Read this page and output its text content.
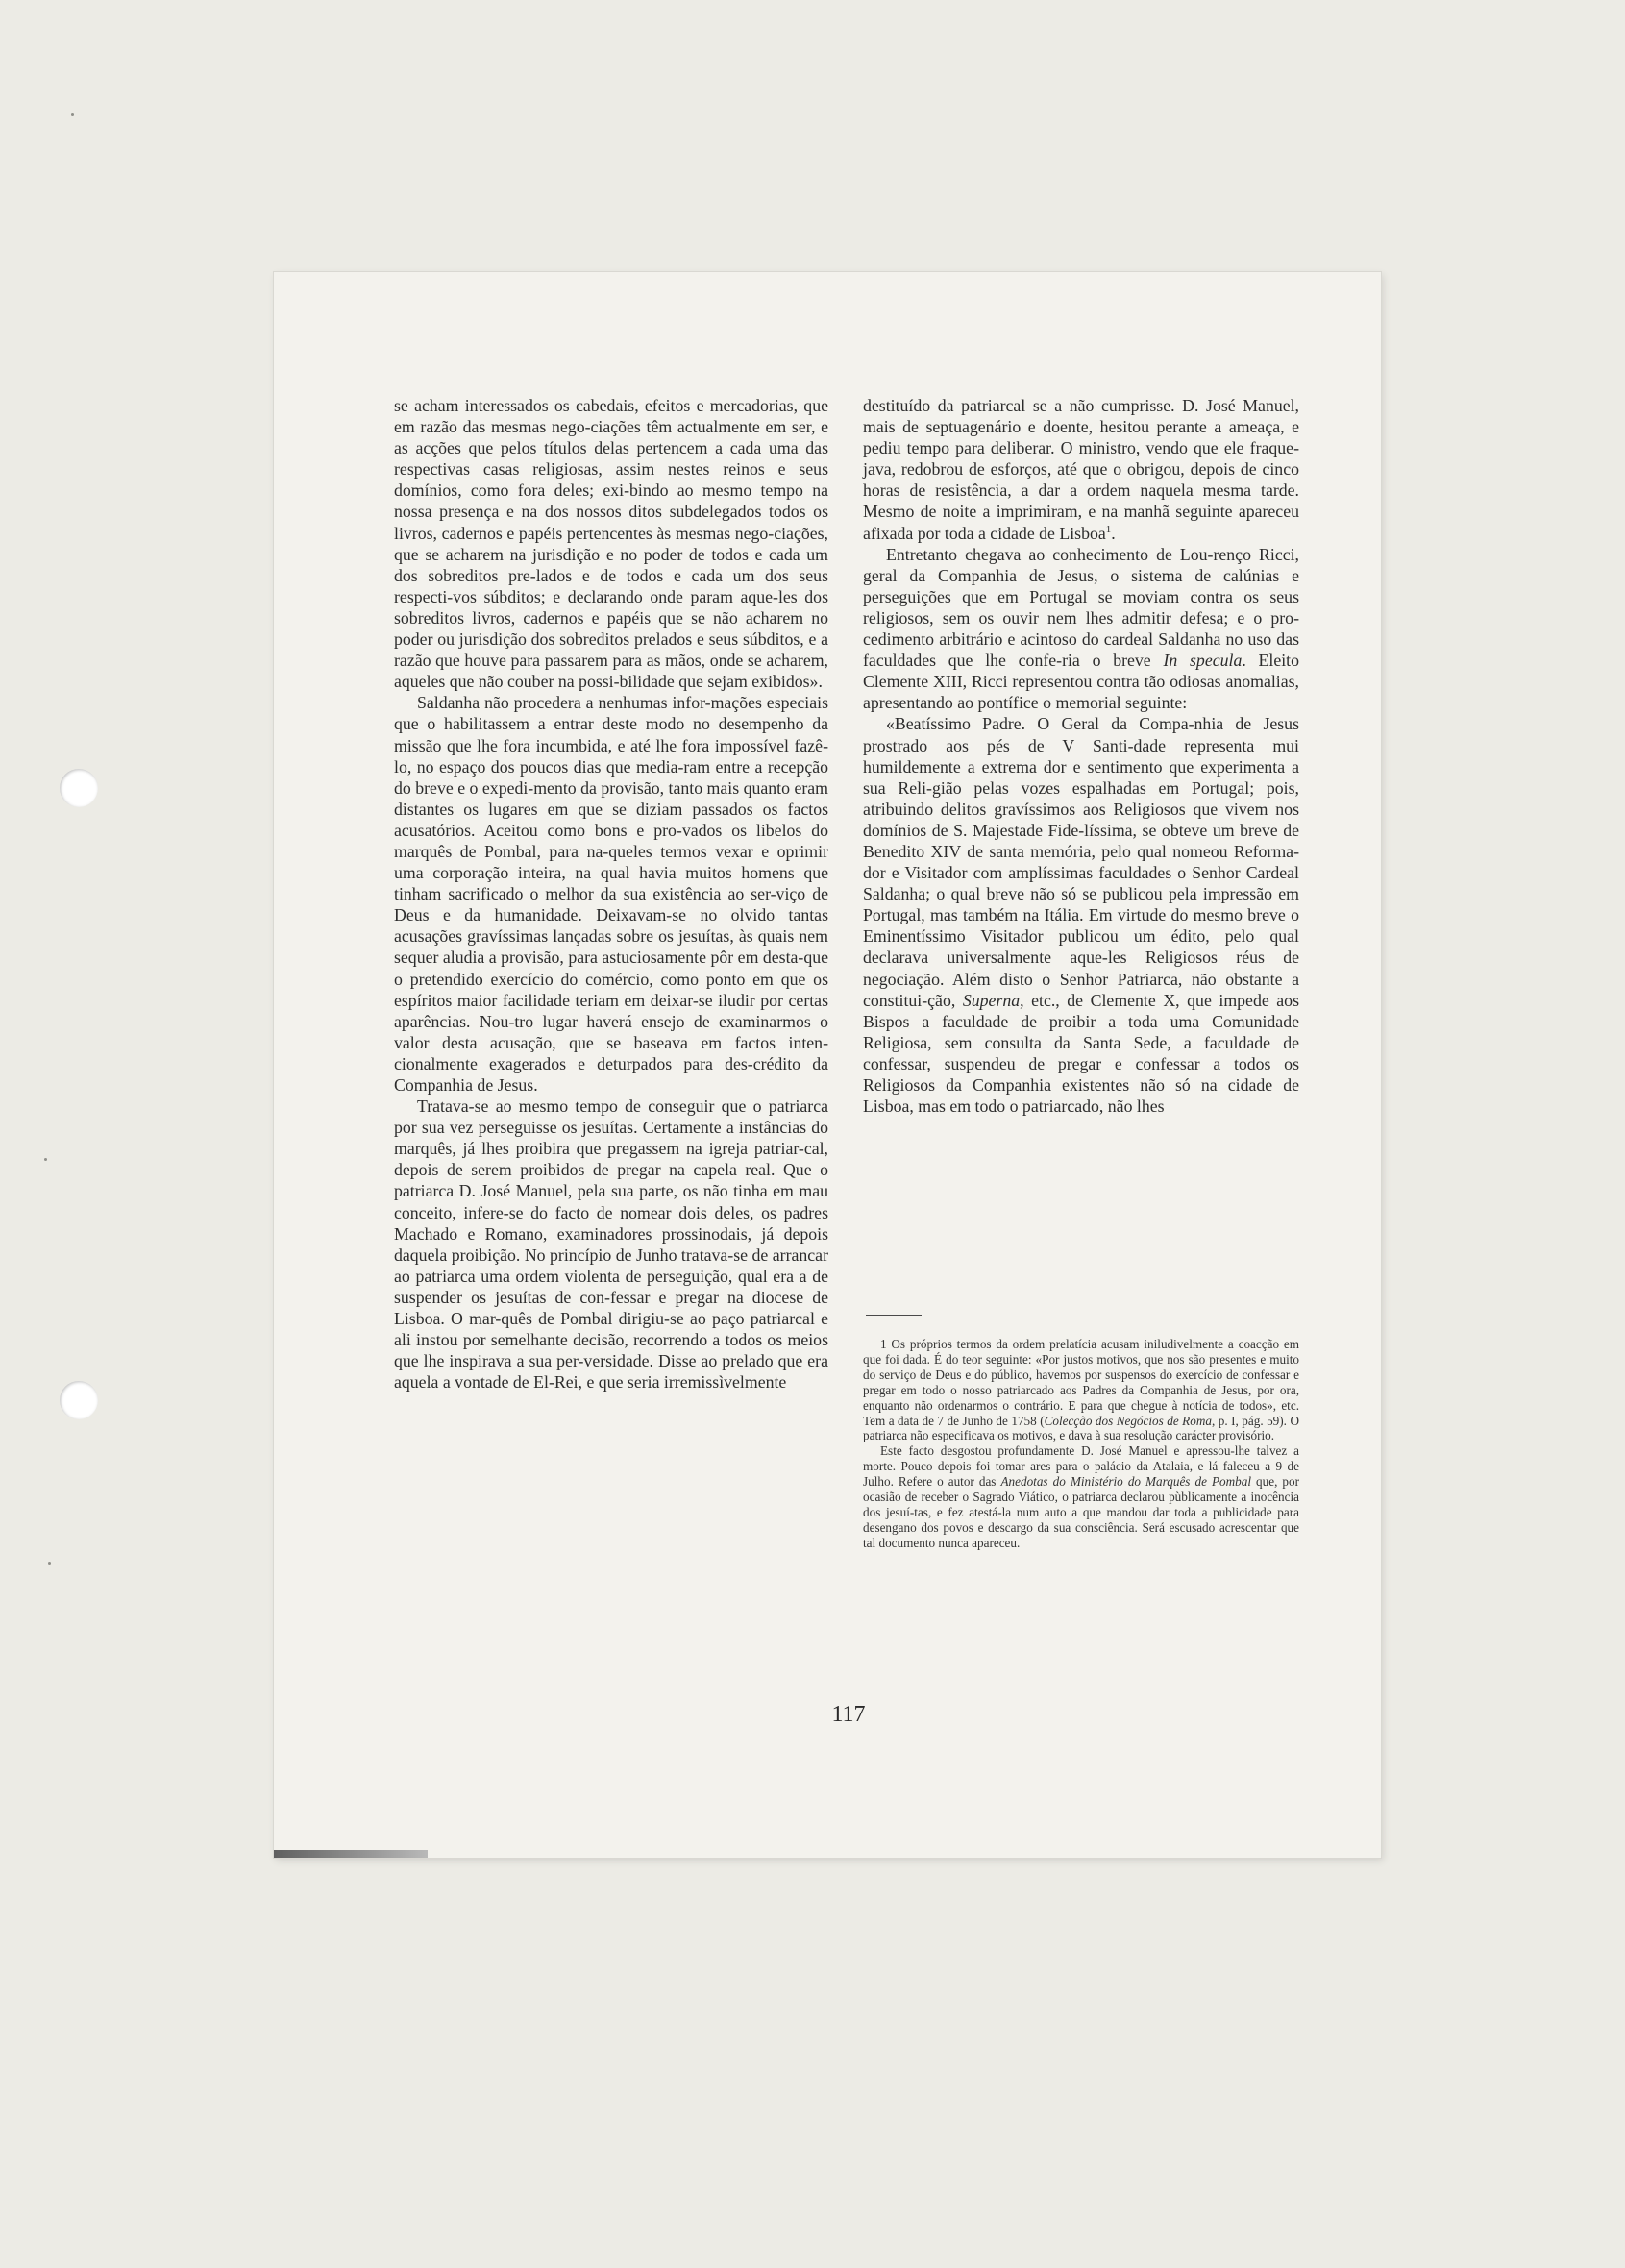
se acham interessados os cabedais, efeitos e mercadorias, que em razão das mesmas nego-ciações têm actualmente em ser, e as acções que pelos títulos delas pertencem a cada uma das respectivas casas religiosas, assim nestes reinos e seus domínios, como fora deles; exi-bindo ao mesmo tempo na nossa presença e na dos nossos ditos subdelegados todos os livros, cadernos e papéis pertencentes às mesmas nego-ciações, que se acharem na jurisdição e no poder de todos e cada um dos sobreditos pre-lados e de todos e cada um dos seus respecti-vos súbditos; e declarando onde param aque-les dos sobreditos livros, cadernos e papéis que se não acharem no poder ou jurisdição dos sobreditos prelados e seus súbditos, e a razão que houve para passarem para as mãos, onde se acharem, aqueles que não couber na possi-bilidade que sejam exibidos».

Saldanha não procedera a nenhumas infor-mações especiais que o habilitassem a entrar deste modo no desempenho da missão que lhe fora incumbida, e até lhe fora impossível fazê-lo, no espaço dos poucos dias que media-ram entre a recepção do breve e o expedi-mento da provisão, tanto mais quanto eram distantes os lugares em que se diziam passados os factos acusatórios. Aceitou como bons e pro-vados os libelos do marquês de Pombal, para na-queles termos vexar e oprimir uma corporação inteira, na qual havia muitos homens que tinham sacrificado o melhor da sua existência ao ser-viço de Deus e da humanidade. Deixavam-se no olvido tantas acusações gravíssimas lançadas sobre os jesuítas, às quais nem sequer aludia a provisão, para astuciosamente pôr em desta-que o pretendido exercício do comércio, como ponto em que os espíritos maior facilidade teriam em deixar-se iludir por certas aparências. Nou-tro lugar haverá ensejo de examinarmos o valor desta acusação, que se baseava em factos inten-cionalmente exagerados e deturpados para des-crédito da Companhia de Jesus.

Tratava-se ao mesmo tempo de conseguir que o patriarca por sua vez perseguisse os jesuítas. Certamente a instâncias do marquês, já lhes proibira que pregassem na igreja patriar-cal, depois de serem proibidos de pregar na capela real. Que o patriarca D. José Manuel, pela sua parte, os não tinha em mau conceito, infere-se do facto de nomear dois deles, os padres Machado e Romano, examinadores prossinodais, já depois daquela proibição. No princípio de Junho tratava-se de arrancar ao patriarca uma ordem violenta de perseguição, qual era a de suspender os jesuítas de con-fessar e pregar na diocese de Lisboa. O mar-quês de Pombal dirigiu-se ao paço patriarcal e ali instou por semelhante decisão, recorrendo a todos os meios que lhe inspirava a sua per-versidade. Disse ao prelado que era aquela a vontade de El-Rei, e que seria irremissìvelmente

destituído da patriarcal se a não cumprisse. D. José Manuel, mais de septuagenário e doente, hesitou perante a ameaça, e pediu tempo para deliberar. O ministro, vendo que ele fraque-java, redobrou de esforços, até que o obrigou, depois de cinco horas de resistência, a dar a ordem naquela mesma tarde. Mesmo de noite a imprimiram, e na manhã seguinte apareceu afixada por toda a cidade de Lisboa$^1$.

Entretanto chegava ao conhecimento de Lou-renço Ricci, geral da Companhia de Jesus, o sistema de calúnias e perseguições que em Portugal se moviam contra os seus religiosos, sem os ouvir nem lhes admitir defesa; e o pro-cedimento arbitrário e acintoso do cardeal Saldanha no uso das faculdades que lhe confe-ria o breve In specula. Eleito Clemente XIII, Ricci representou contra tão odiosas anomalias, apresentando ao pontífice o memorial seguinte:

«Beatíssimo Padre. O Geral da Compa-nhia de Jesus prostrado aos pés de V Santi-dade representa mui humildemente a extrema dor e sentimento que experimenta a sua Reli-gião pelas vozes espalhadas em Portugal; pois, atribuindo delitos gravíssimos aos Religiosos que vivem nos domínios de S. Majestade Fide-líssima, se obteve um breve de Benedito XIV de santa memória, pelo qual nomeou Reforma-dor e Visitador com amplíssimas faculdades o Senhor Cardeal Saldanha; o qual breve não só se publicou pela impressão em Portugal, mas também na Itália. Em virtude do mesmo breve o Eminentíssimo Visitador publicou um édito, pelo qual declarava universalmente aque-les Religiosos réus de negociação. Além disto o Senhor Patriarca, não obstante a constitui-ção, Superna, etc., de Clemente X, que impede aos Bispos a faculdade de proibir a toda uma Comunidade Religiosa, sem consulta da Santa Sede, a faculdade de confessar, suspendeu de pregar e confessar a todos os Religiosos da Companhia existentes não só na cidade de Lisboa, mas em todo o patriarcado, não lhes

1 Os próprios termos da ordem prelatícia acusam iniludivelmente a coacção em que foi dada. É do teor seguinte: «Por justos motivos, que nos são presentes e muito do serviço de Deus e do público, havemos por suspensos do exercício de confessar e pregar em todo o nosso patriarcado aos Padres da Companhia de Jesus, por ora, enquanto não ordenarmos o contrário. E para que chegue à notícia de todos», etc. Tem a data de 7 de Junho de 1758 (Colecção dos Negócios de Roma, p. I, pág. 59). O patriarca não especificava os motivos, e dava à sua resolução carácter provisório.

Este facto desgostou profundamente D. José Manuel e apressou-lhe talvez a morte. Pouco depois foi tomar ares para o palácio da Atalaia, e lá faleceu a 9 de Julho. Refere o autor das Anedotas do Ministério do Marquês de Pombal que, por ocasião de receber o Sagrado Viático, o patriarca declarou pùblicamente a inocência dos jesuí-tas, e fez atestá-la num auto a que mandou dar toda a publicidade para desengano dos povos e descargo da sua consciência. Será escusado acrescentar que tal documento nunca apareceu.

117
